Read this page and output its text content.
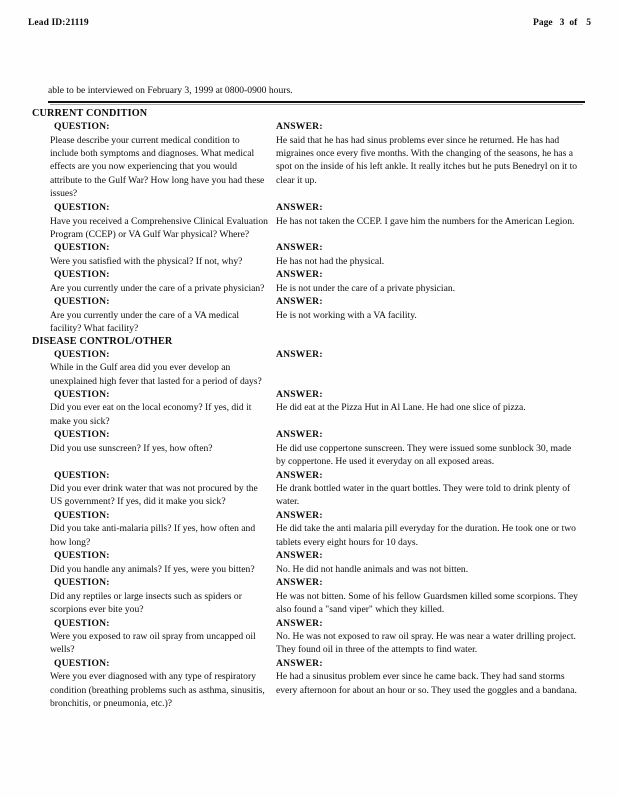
Lead ID:21119	Page 3 of 5
able to be interviewed on February 3, 1999 at 0800-0900 hours.
CURRENT CONDITION
QUESTION:
Please describe your current medical condition to include both symptoms and diagnoses. What medical effects are you now experiencing that you would attribute to the Gulf War? How long have you had these issues?
ANSWER:
He said that he has had sinus problems ever since he returned. He has had migraines once every five months. With the changing of the seasons, he has a spot on the inside of his left ankle. It really itches but he puts Benedryl on it to clear it up.
QUESTION:
Have you received a Comprehensive Clinical Evaluation Program (CCEP) or VA Gulf War physical? Where?
ANSWER:
He has not taken the CCEP. I gave him the numbers for the American Legion.
QUESTION:
Were you satisfied with the physical? If not, why?
ANSWER:
He has not had the physical.
QUESTION:
Are you currently under the care of a private physician?
ANSWER:
He is not under the care of a private physician.
QUESTION:
Are you currently under the care of a VA medical facility? What facility?
ANSWER:
He is not working with a VA facility.
DISEASE CONTROL/OTHER
QUESTION:
While in the Gulf area did you ever develop an unexplained high fever that lasted for a period of days?
ANSWER:
QUESTION:
Did you ever eat on the local economy? If yes, did it make you sick?
ANSWER:
He did eat at the Pizza Hut in Al Lane. He had one slice of pizza.
QUESTION:
Did you use sunscreen? If yes, how often?
ANSWER:
He did use coppertone sunscreen. They were issued some sunblock 30, made by coppertone. He used it everyday on all exposed areas.
QUESTION:
Did you ever drink water that was not procured by the US government? If yes, did it make you sick?
ANSWER:
He drank bottled water in the quart bottles. They were told to drink plenty of water.
QUESTION:
Did you take anti-malaria pills? If yes, how often and how long?
ANSWER:
He did take the anti malaria pill everyday for the duration. He took one or two tablets every eight hours for 10 days.
QUESTION:
Did you handle any animals? If yes, were you bitten?
ANSWER:
No. He did not handle animals and was not bitten.
QUESTION:
Did any reptiles or large insects such as spiders or scorpions ever bite you?
ANSWER:
He was not bitten. Some of his fellow Guardsmen killed some scorpions. They also found a "sand viper" which they killed.
QUESTION:
Were you exposed to raw oil spray from uncapped oil wells?
ANSWER:
No. He was not exposed to raw oil spray. He was near a water drilling project. They found oil in three of the attempts to find water.
QUESTION:
Were you ever diagnosed with any type of respiratory condition (breathing problems such as asthma, sinusitis, bronchitis, or pneumonia, etc.)?
ANSWER:
He had a sinusitus problem ever since he came back. They had sand storms every afternoon for about an hour or so. They used the goggles and a bandana.
